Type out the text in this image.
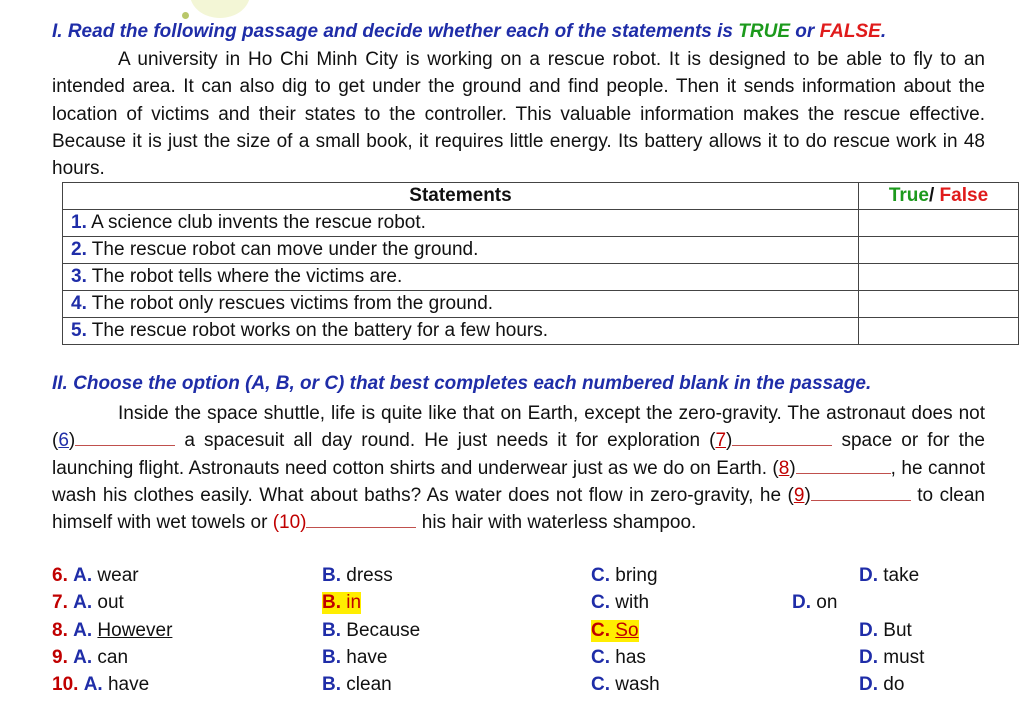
I. Read the following passage and decide whether each of the statements is TRUE or FALSE.

A university in Ho Chi Minh City is working on a rescue robot. It is designed to be able to fly to an intended area. It can also dig to get under the ground and find people. Then it sends information about the location of victims and their states to the controller. This valuable information makes the rescue effective. Because it is just the size of a small book, it requires little energy. Its battery allows it to do rescue work in 48 hours.

Statements	True/ False
1. A science club invents the rescue robot.	
2. The rescue robot can move under the ground.	
3. The robot tells where the victims are.	
4. The robot only rescues victims from the ground.	
5. The rescue robot works on the battery for a few hours.	
II. Choose the option (A, B, or C) that best completes each numbered blank in the passage.

Inside the space shuttle, life is quite like that on Earth, except the zero-gravity. The astronaut does not (6)	a spacesuit all day round. He just needs it for exploration (7)	space or for the launching flight. Astronauts need cotton shirts and underwear just as we do on Earth. (8)	, he cannot wash his clothes easily. What about baths? As water does not flow in zero-gravity, he (9)	to clean himself with wet towels or (10)	his hair with waterless shampoo.

6. A. wear	B. dress	C. bring	D. take
7. A. out	B. in	C. with	D. on
8. A. However	B. Because	C. So	D. But
9. A. can	B. have	C. has	D. must
10. A. have	B. clean	C. wash	D. do
